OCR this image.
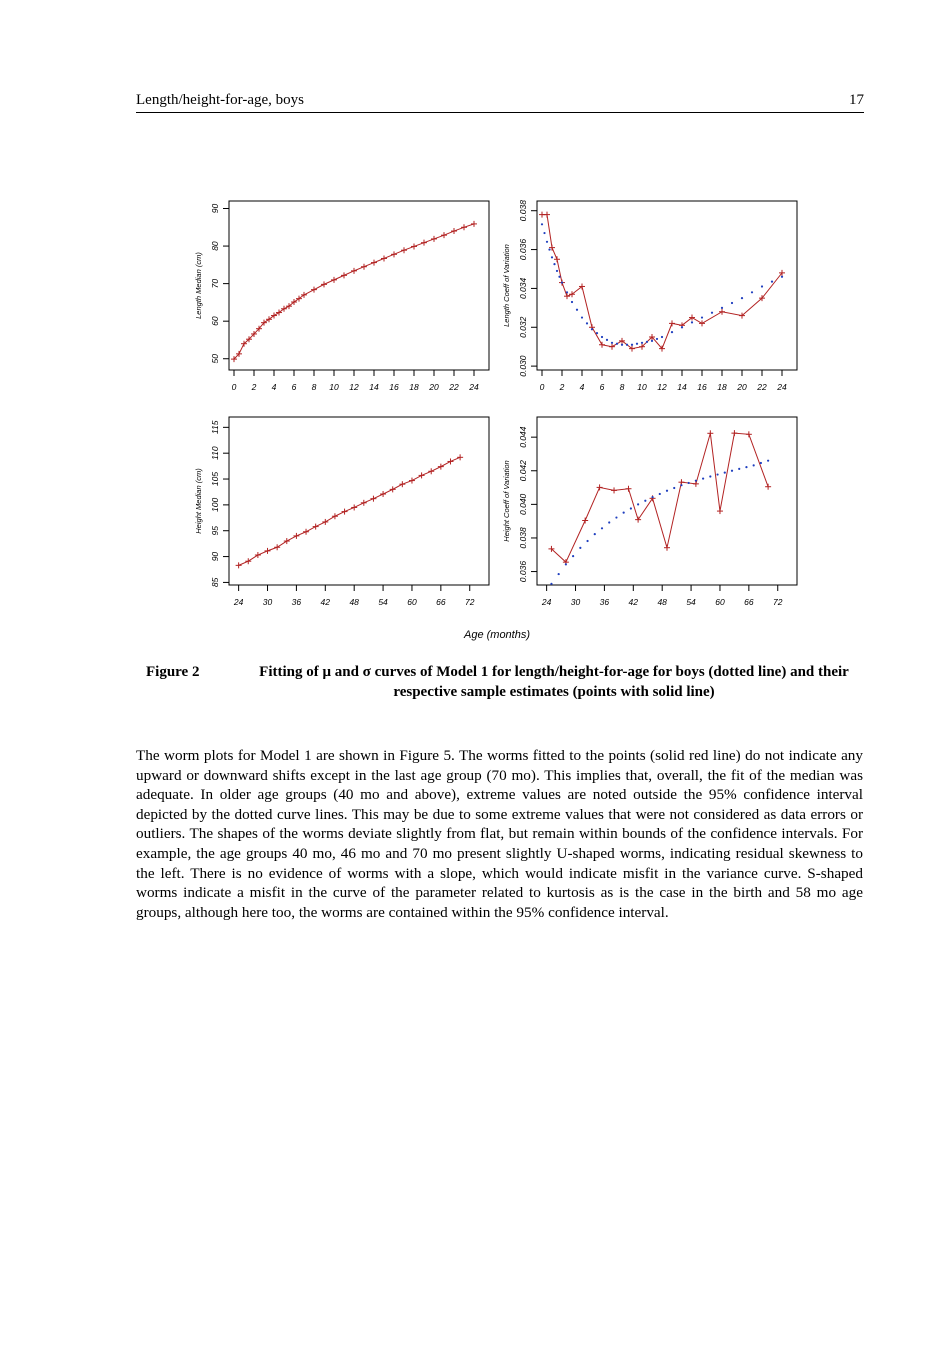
Length/height-for-age, boys	17
0 2 4 6 8 10 12 14 16 18 20 22 24
50
60
70
80
90
Length Median (cm)
0 2 4 6 8 10 12 14 16 18 20 22 24
0.030
0.032
0.034
0.036
0.038
Length Coeff of Variation
24 30 36 42 48 54 60 66 72
85
90
95
100
105
110
115
Height Median (cm)
24 30 36 42 48 54 60 66 72
0.036
0.038
0.040
0.042
0.044
Height Coeff of Variation
Age (months)
Figure 2	Fitting of μ and σ curves of Model 1 for length/height-for-age for boys (dotted line) and their respective sample estimates (points with solid line)
The worm plots for Model 1 are shown in Figure 5. The worms fitted to the points (solid red line) do not indicate any upward or downward shifts except in the last age group (70 mo). This implies that, overall, the fit of the median was adequate. In older age groups (40 mo and above), extreme values are noted outside the 95% confidence interval depicted by the dotted curve lines. This may be due to some extreme values that were not considered as data errors or outliers. The shapes of the worms deviate slightly from flat, but remain within bounds of the confidence intervals. For example, the age groups 40 mo, 46 mo and 70 mo present slightly U-shaped worms, indicating residual skewness to the left. There is no evidence of worms with a slope, which would indicate misfit in the variance curve. S-shaped worms indicate a misfit in the curve of the parameter related to kurtosis as is the case in the birth and 58 mo age groups, although here too, the worms are contained within the 95% confidence interval.
